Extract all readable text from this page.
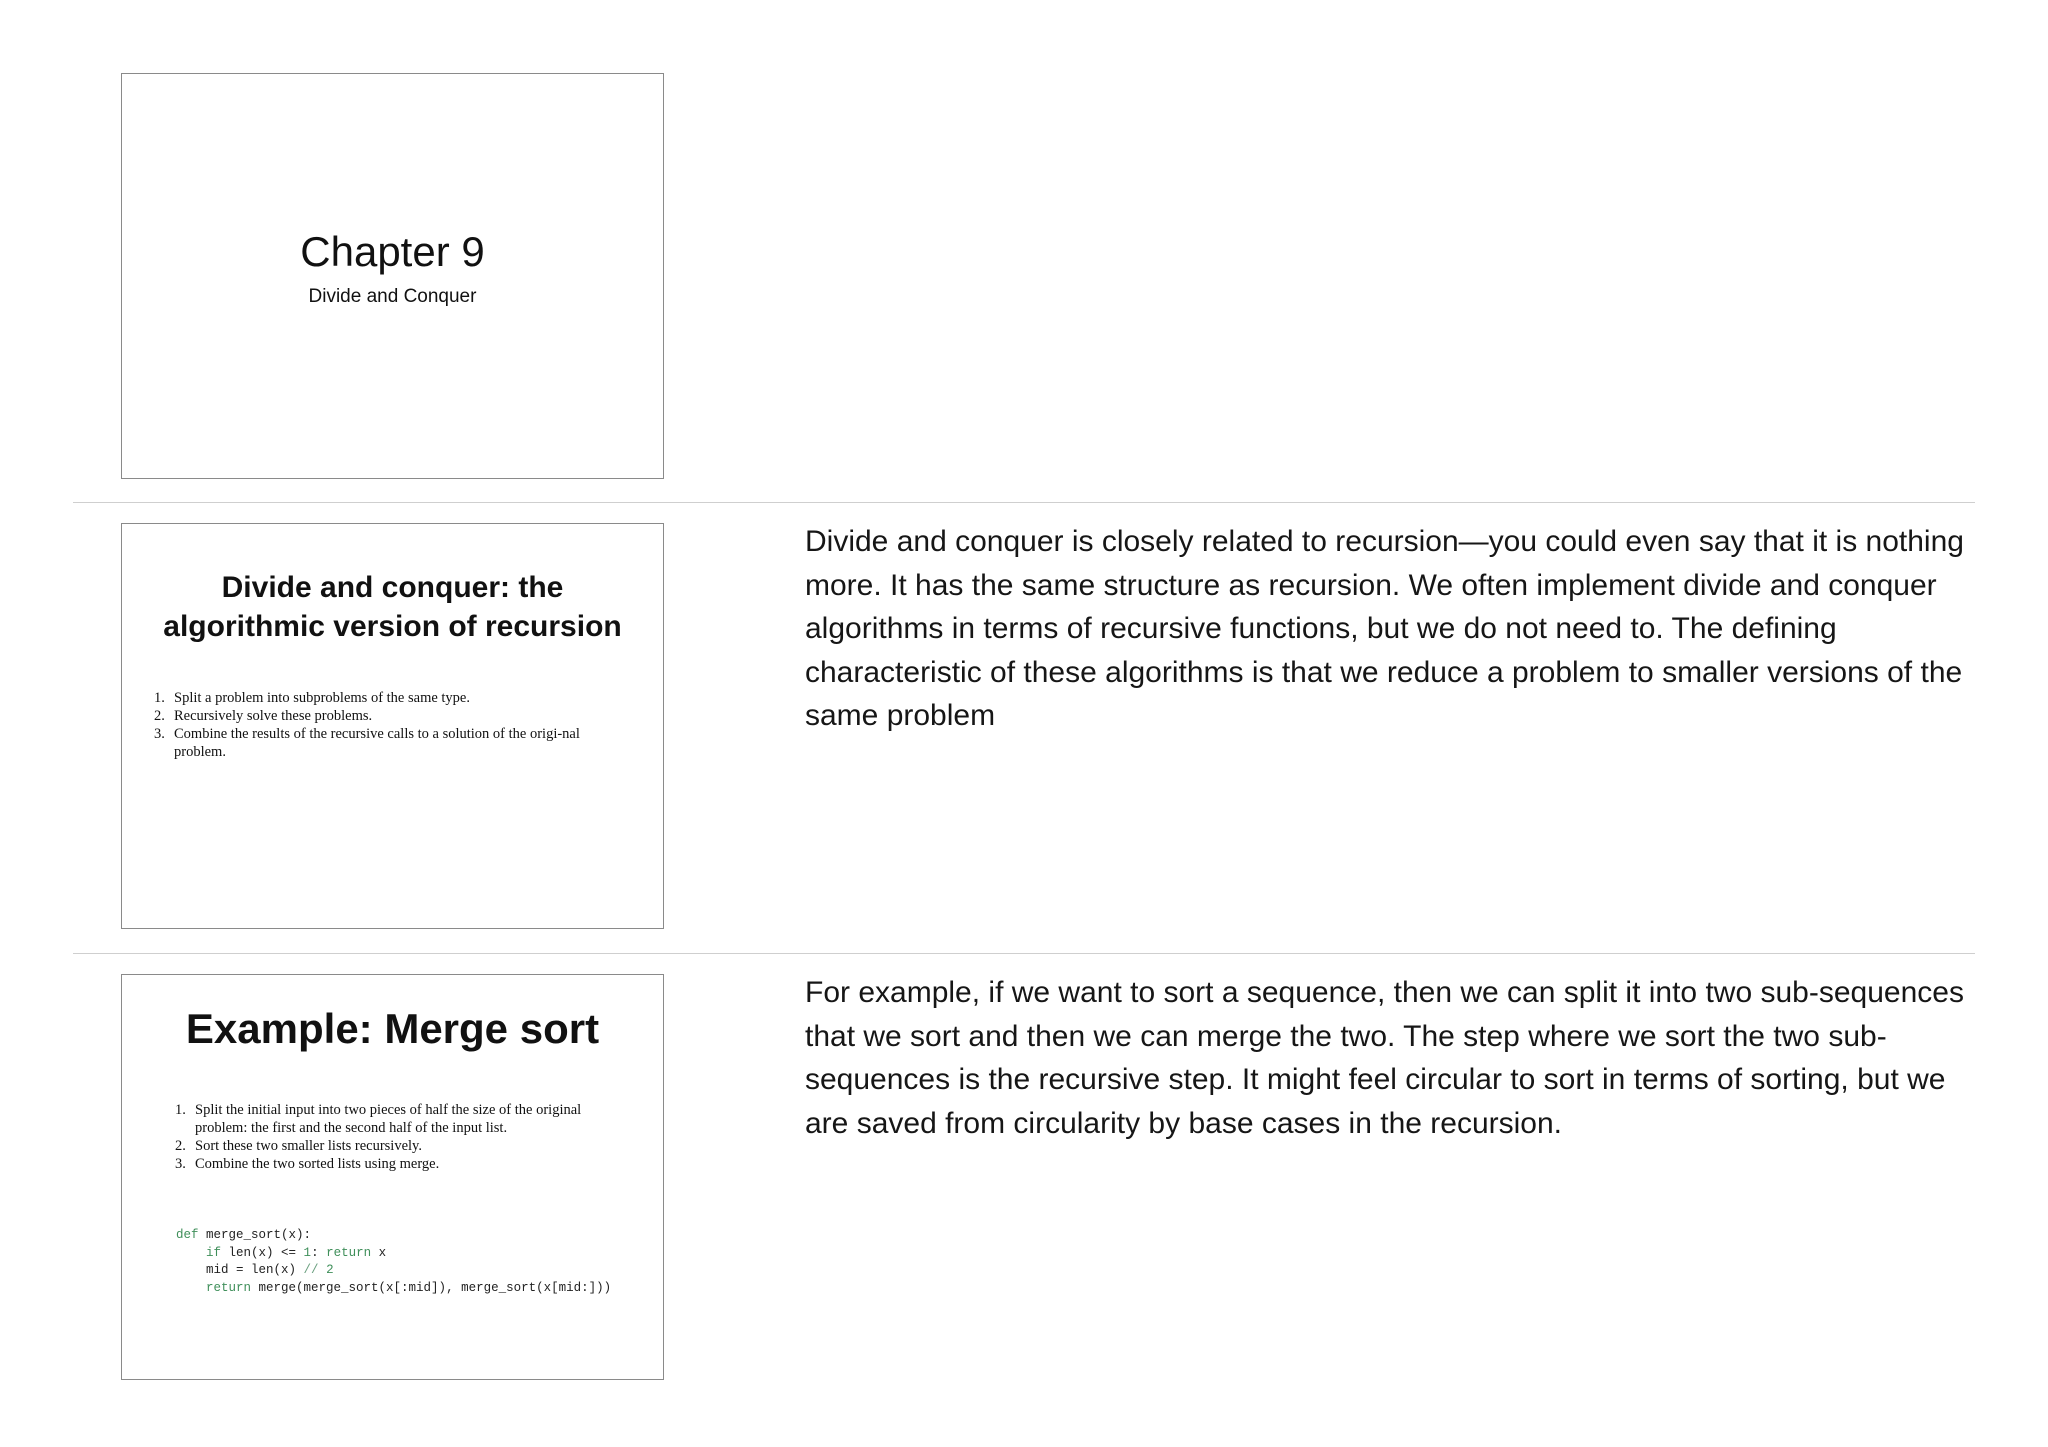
Chapter 9
Divide and Conquer
Divide and conquer: the algorithmic version of recursion
1. Split a problem into subproblems of the same type.
2. Recursively solve these problems.
3. Combine the results of the recursive calls to a solution of the origi-nal problem.
Divide and conquer is closely related to recursion—you could even say that it is nothing more. It has the same structure as recursion. We often implement divide and conquer algorithms in terms of recursive functions, but we do not need to. The defining characteristic of these algorithms is that we reduce a problem to smaller versions of the same problem
Example: Merge sort
1. Split the initial input into two pieces of half the size of the original problem: the first and the second half of the input list.
2. Sort these two smaller lists recursively.
3. Combine the two sorted lists using merge.
def merge_sort(x):
if len(x) <= 1: return x
mid = len(x) // 2
return merge(merge_sort(x[:mid]), merge_sort(x[mid:]))
For example, if we want to sort a sequence, then we can split it into two sub-sequences that we sort and then we can merge the two. The step where we sort the two sub-sequences is the recursive step. It might feel circular to sort in terms of sorting, but we are saved from circularity by base cases in the recursion.
